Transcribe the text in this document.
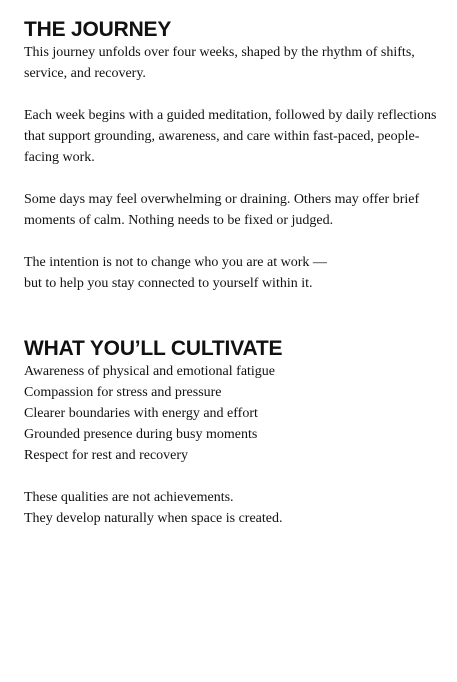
THE JOURNEY

This journey unfolds over four weeks, shaped by the rhythm of shifts,
service, and recovery.

Each week begins with a guided meditation, followed by daily reflections
that support grounding, awareness, and care within fast-paced, people-
facing work.

Some days may feel overwhelming or draining. Others may offer brief
moments of calm. Nothing needs to be fixed or judged.

The intention is not to change who you are at work —
but to help you stay connected to yourself within it.

WHAT YOU’LL CULTIVATE

Awareness of physical and emotional fatigue
Compassion for stress and pressure
Clearer boundaries with energy and effort
Grounded presence during busy moments
Respect for rest and recovery

These qualities are not achievements.
They develop naturally when space is created.
